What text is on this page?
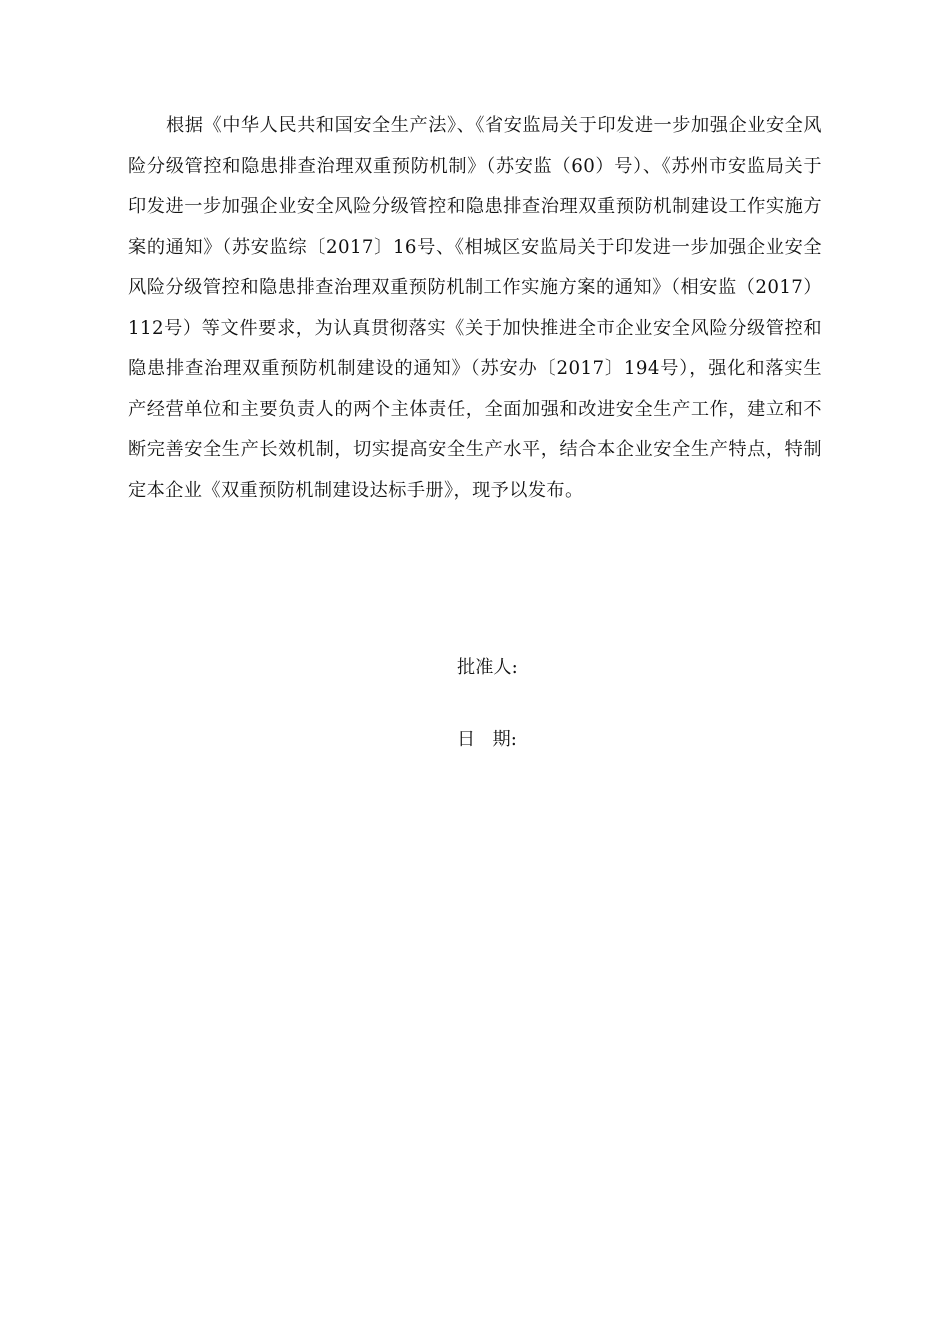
根据《中华人民共和国安全生产法》、《省安监局关于印发进一步加强企业安全风险分级管控和隐患排查治理双重预防机制》（苏安监（60）号）、《苏州市安监局关于印发进一步加强企业安全风险分级管控和隐患排查治理双重预防机制建设工作实施方案的通知》（苏安监综〔2017〕16号、《相城区安监局关于印发进一步加强企业安全风险分级管控和隐患排查治理双重预防机制工作实施方案的通知》（相安监（2017）112号）等文件要求，为认真贯彻落实《关于加快推进全市企业安全风险分级管控和隐患排查治理双重预防机制建设的通知》（苏安办〔2017〕194号），强化和落实生产经营单位和主要负责人的两个主体责任，全面加强和改进安全生产工作，建立和不断完善安全生产长效机制，切实提高安全生产水平，结合本企业安全生产特点，特制定本企业《双重预防机制建设达标手册》，现予以发布。

批准人:
日   期:
